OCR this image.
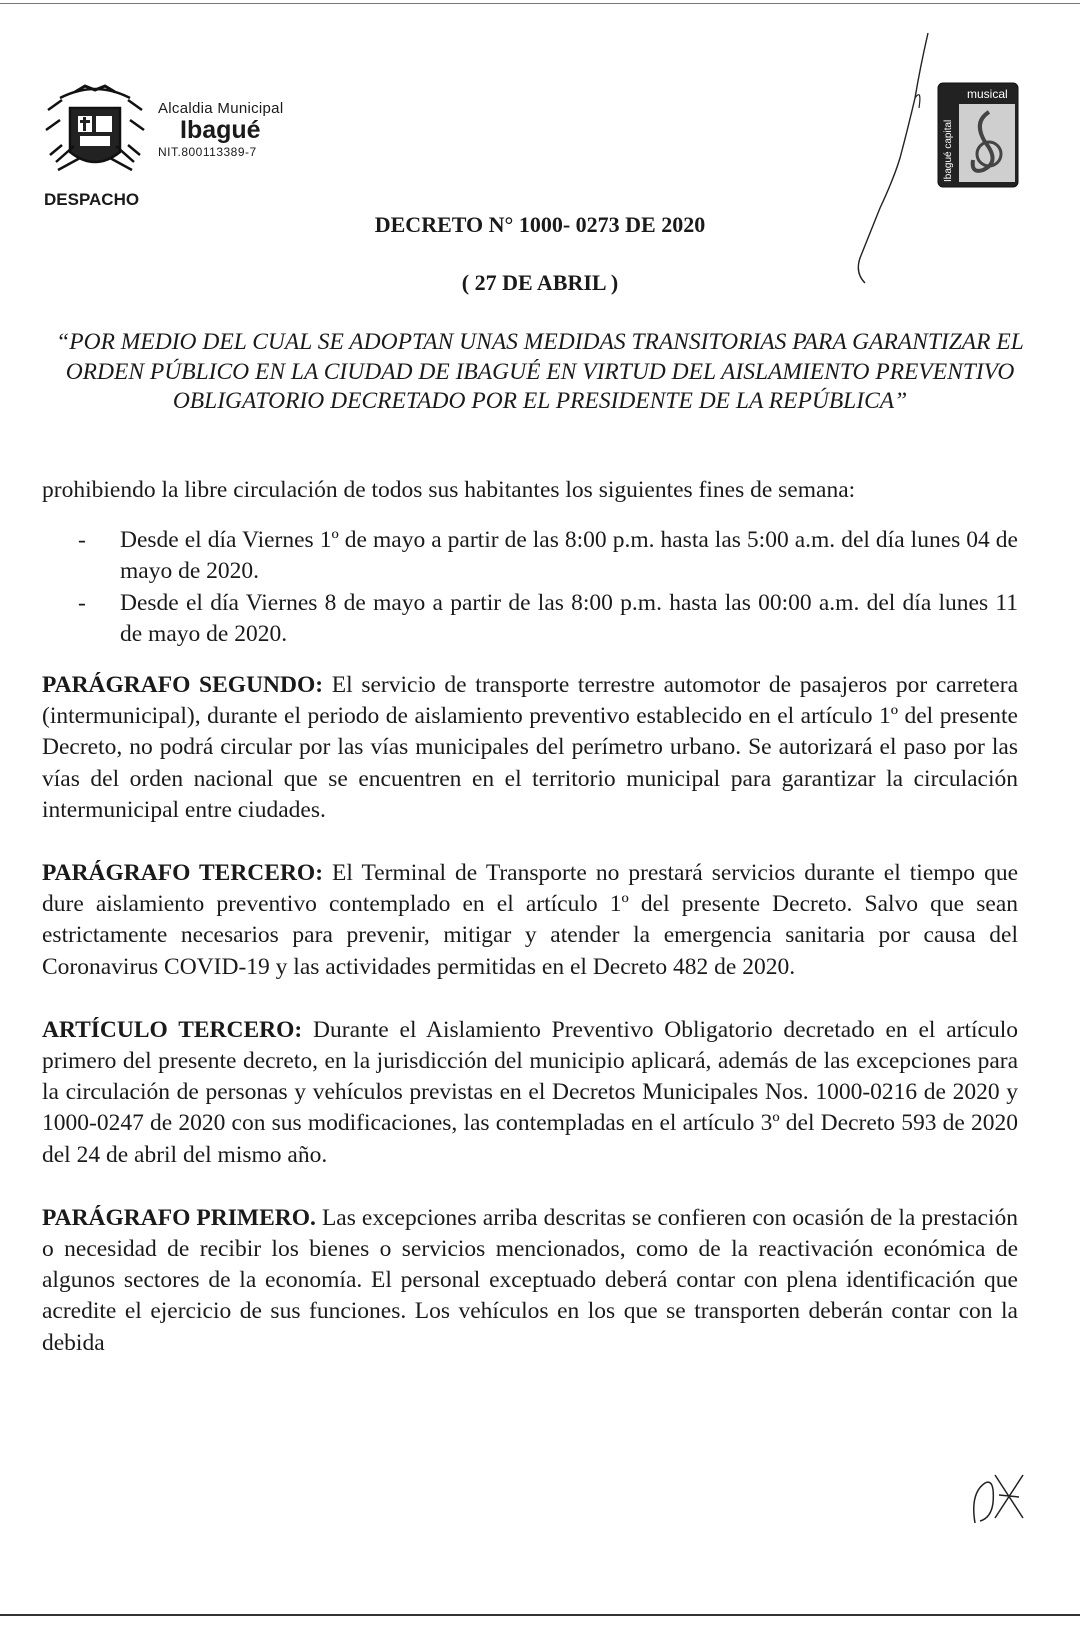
Alcaldia Municipal
Ibagué
NIT.800113389-7
DESPACHO
musical
Ibagué capital
DECRETO N° 1000- 0273 DE 2020
( 27 DE ABRIL )
“POR MEDIO DEL CUAL SE ADOPTAN UNAS MEDIDAS TRANSITORIAS PARA GARANTIZAR EL ORDEN PÚBLICO EN LA CIUDAD DE IBAGUÉ EN VIRTUD DEL AISLAMIENTO PREVENTIVO OBLIGATORIO DECRETADO POR EL PRESIDENTE DE LA REPÚBLICA”

prohibiendo la libre circulación de todos sus habitantes los siguientes fines de semana:

- Desde el día Viernes 1º de mayo a partir de las 8:00 p.m. hasta las 5:00 a.m. del día lunes 04 de mayo de 2020.
- Desde el día Viernes 8 de mayo a partir de las 8:00 p.m. hasta las 00:00 a.m. del día lunes 11 de mayo de 2020.

PARÁGRAFO SEGUNDO: El servicio de transporte terrestre automotor de pasajeros por carretera (intermunicipal), durante el periodo de aislamiento preventivo establecido en el artículo 1º del presente Decreto, no podrá circular por las vías municipales del perímetro urbano. Se autorizará el paso por las vías del orden nacional que se encuentren en el territorio municipal para garantizar la circulación intermunicipal entre ciudades.

PARÁGRAFO TERCERO: El Terminal de Transporte no prestará servicios durante el tiempo que dure aislamiento preventivo contemplado en el artículo 1º del presente Decreto. Salvo que sean estrictamente necesarios para prevenir, mitigar y atender la emergencia sanitaria por causa del Coronavirus COVID-19 y las actividades permitidas en el Decreto 482 de 2020.

ARTÍCULO TERCERO: Durante el Aislamiento Preventivo Obligatorio decretado en el artículo primero del presente decreto, en la jurisdicción del municipio aplicará, además de las excepciones para la circulación de personas y vehículos previstas en el Decretos Municipales Nos. 1000-0216 de 2020 y 1000-0247 de 2020 con sus modificaciones, las contempladas en el artículo 3º del Decreto 593 de 2020 del 24 de abril del mismo año.

PARÁGRAFO PRIMERO. Las excepciones arriba descritas se confieren con ocasión de la prestación o necesidad de recibir los bienes o servicios mencionados, como de la reactivación económica de algunos sectores de la economía. El personal exceptuado deberá contar con plena identificación que acredite el ejercicio de sus funciones. Los vehículos en los que se transporten deberán contar con la debida
